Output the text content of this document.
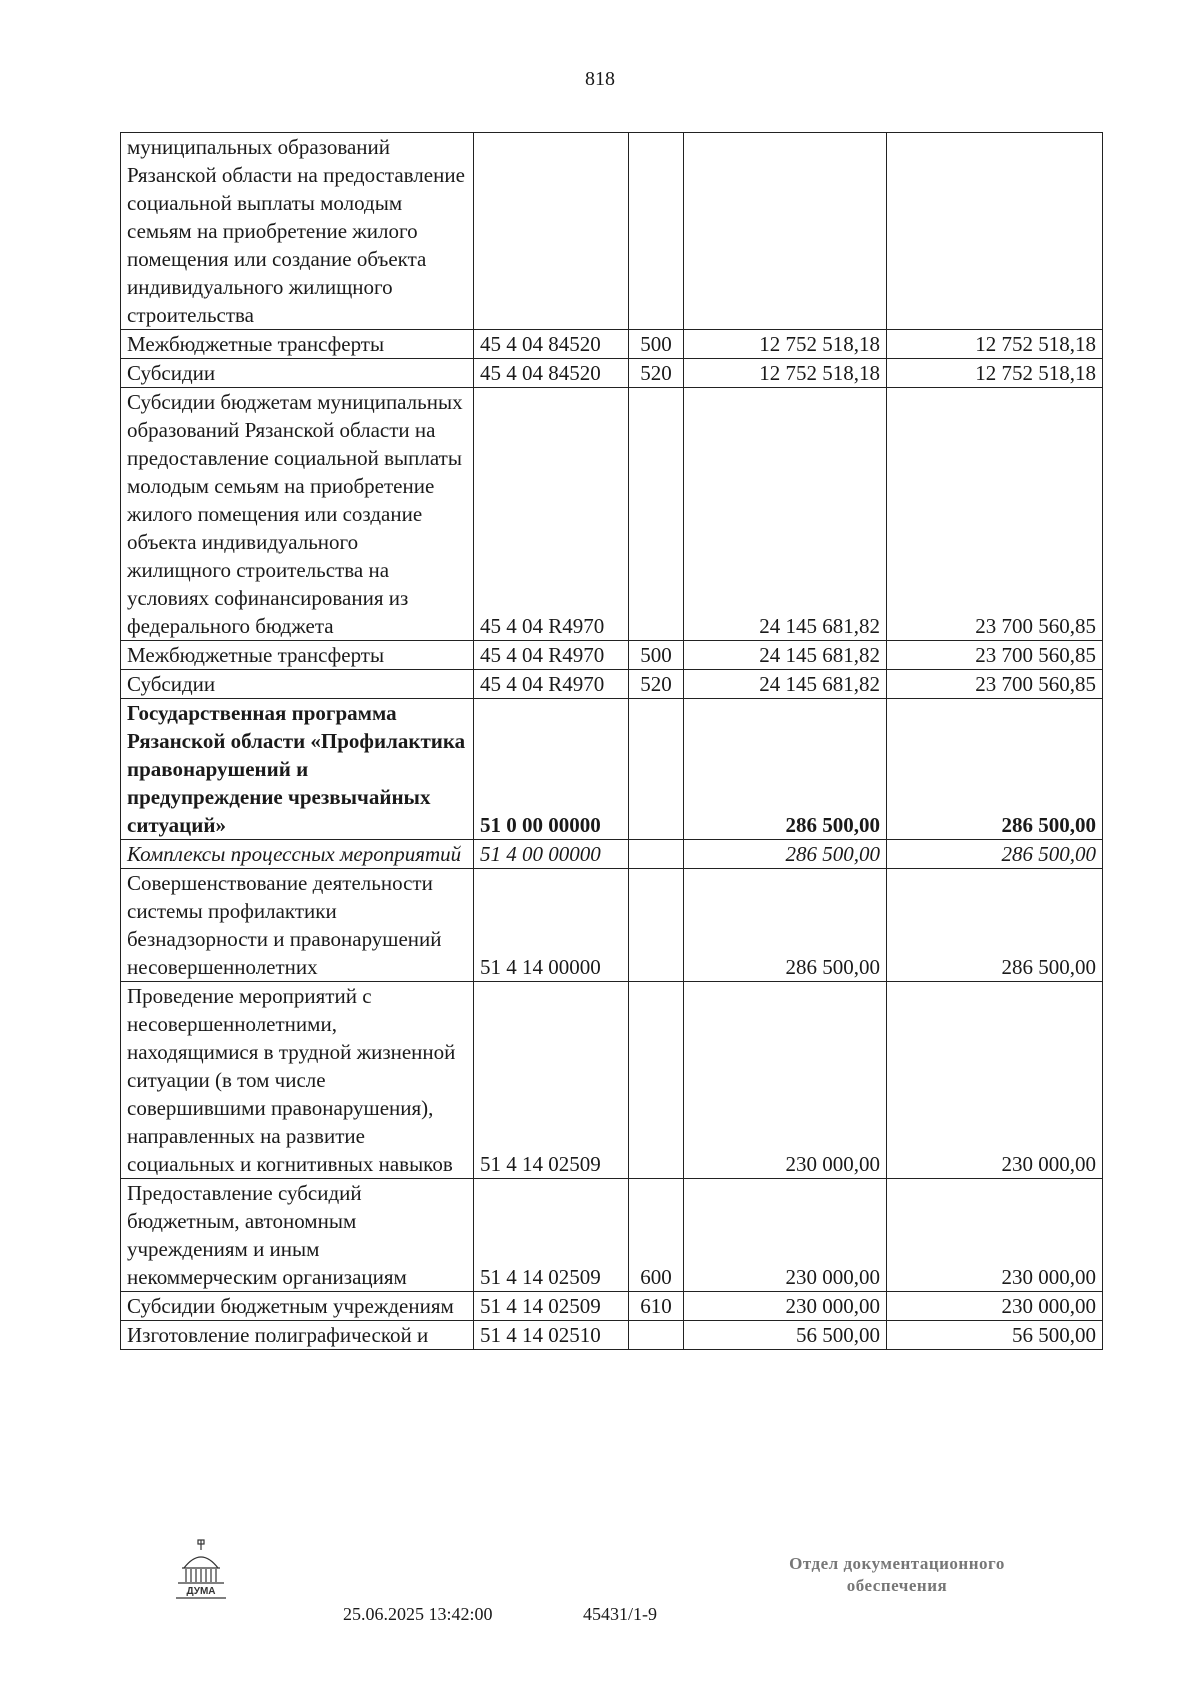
818
муниципальных образований Рязанской области на предоставление социальной выплаты молодым семьям на приобретение жилого помещения или создание объекта индивидуального жилищного строительства				
Межбюджетные трансферты	45 4 04 84520	500	12 752 518,18	12 752 518,18
Субсидии	45 4 04 84520	520	12 752 518,18	12 752 518,18
Субсидии бюджетам муниципальных образований Рязанской области на предоставление социальной выплаты молодым семьям на приобретение жилого помещения или создание объекта индивидуального жилищного строительства на условиях софинансирования из федерального бюджета	45 4 04 R4970		24 145 681,82	23 700 560,85
Межбюджетные трансферты	45 4 04 R4970	500	24 145 681,82	23 700 560,85
Субсидии	45 4 04 R4970	520	24 145 681,82	23 700 560,85
Государственная программа Рязанской области «Профилактика правонарушений и предупреждение чрезвычайных ситуаций»	51 0 00 00000		286 500,00	286 500,00
Комплексы процессных мероприятий	51 4 00 00000		286 500,00	286 500,00
Совершенствование деятельности системы профилактики безнадзорности и правонарушений несовершеннолетних	51 4 14 00000		286 500,00	286 500,00
Проведение мероприятий с несовершеннолетними, находящимися в трудной жизненной ситуации (в том числе совершившими правонарушения), направленных на развитие социальных и когнитивных навыков	51 4 14 02509		230 000,00	230 000,00
Предоставление субсидий бюджетным, автономным учреждениям и иным некоммерческим организациям	51 4 14 02509	600	230 000,00	230 000,00
Субсидии бюджетным учреждениям	51 4 14 02509	610	230 000,00	230 000,00
Изготовление полиграфической и	51 4 14 02510		56 500,00	56 500,00
ДУМА
25.06.2025 13:42:00	45431/1-9
Отдел документационного
обеспечения
